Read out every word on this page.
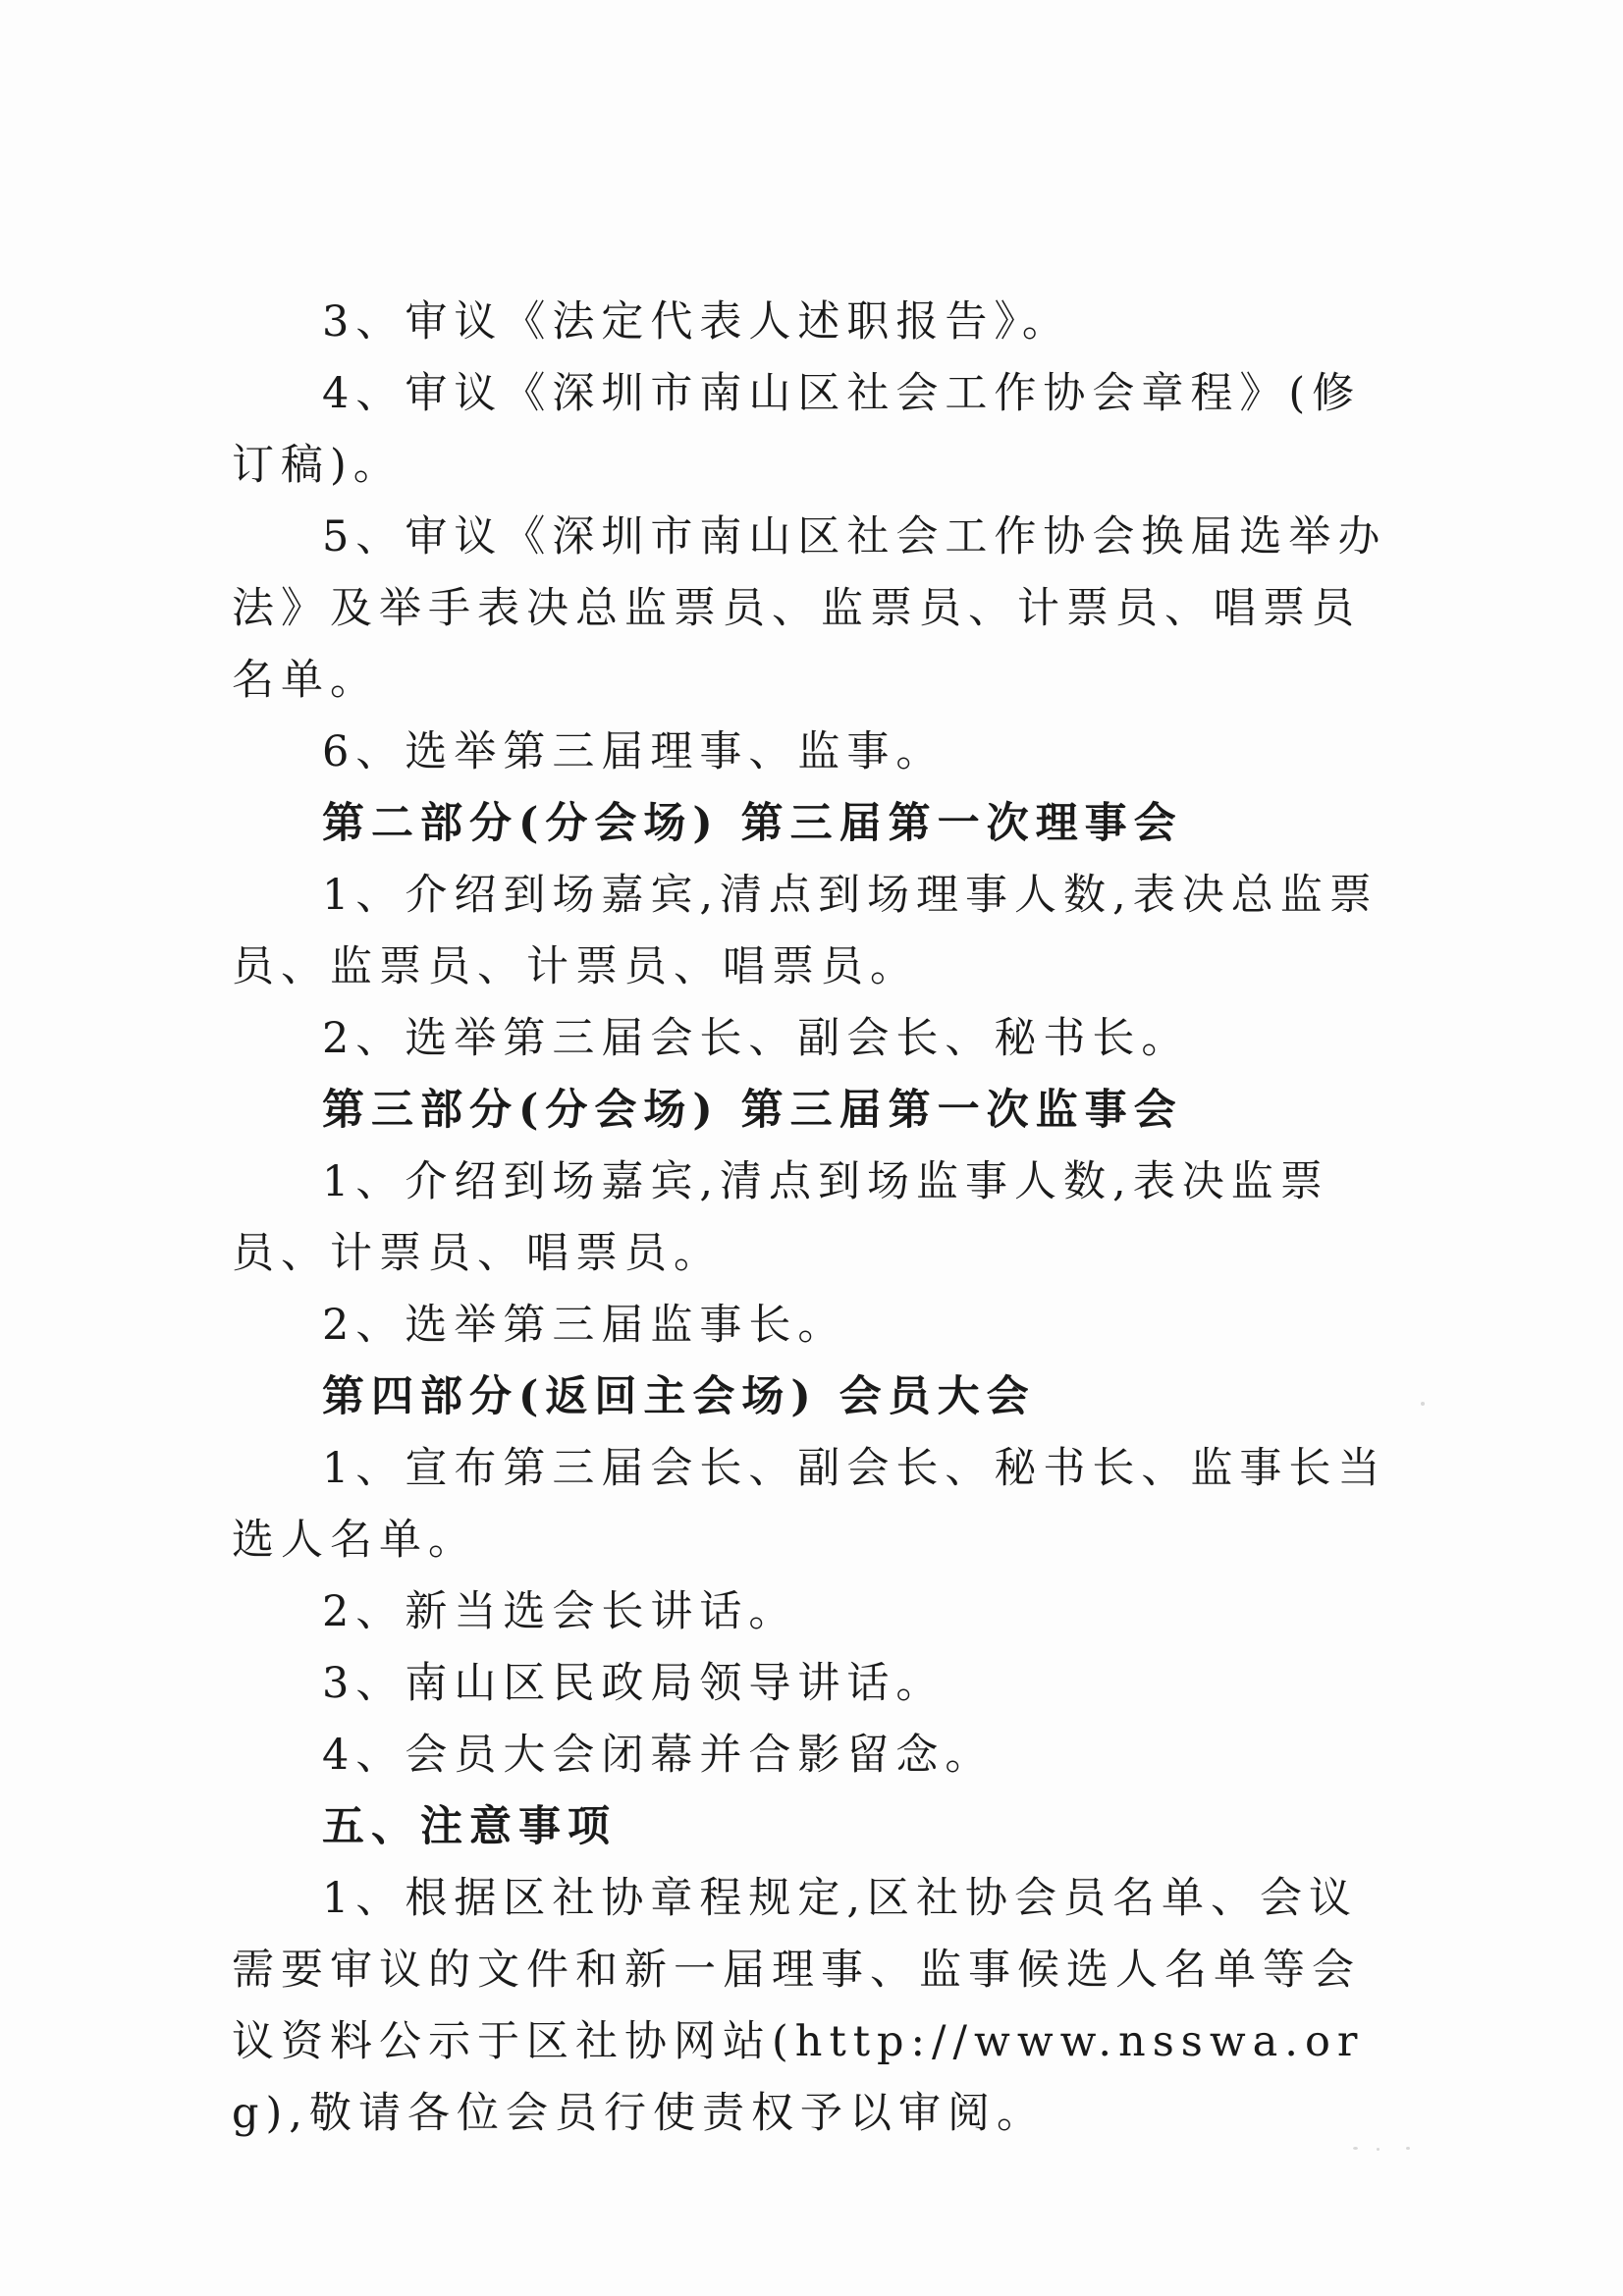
3、审议《法定代表人述职报告》。

4、审议《深圳市南山区社会工作协会章程》(修订稿)。

5、审议《深圳市南山区社会工作协会换届选举办法》及举手表决总监票员、监票员、计票员、唱票员名单。

6、选举第三届理事、监事。

第二部分(分会场) 第三届第一次理事会

1、介绍到场嘉宾,清点到场理事人数,表决总监票员、监票员、计票员、唱票员。

2、选举第三届会长、副会长、秘书长。

第三部分(分会场) 第三届第一次监事会

1、介绍到场嘉宾,清点到场监事人数,表决监票员、计票员、唱票员。

2、选举第三届监事长。

第四部分(返回主会场) 会员大会

1、宣布第三届会长、副会长、秘书长、监事长当选人名单。

2、新当选会长讲话。

3、南山区民政局领导讲话。

4、会员大会闭幕并合影留念。

五、注意事项

1、根据区社协章程规定,区社协会员名单、会议需要审议的文件和新一届理事、监事候选人名单等会议资料公示于区社协网站(http://www.nsswa.org),敬请各位会员行使责权予以审阅。
